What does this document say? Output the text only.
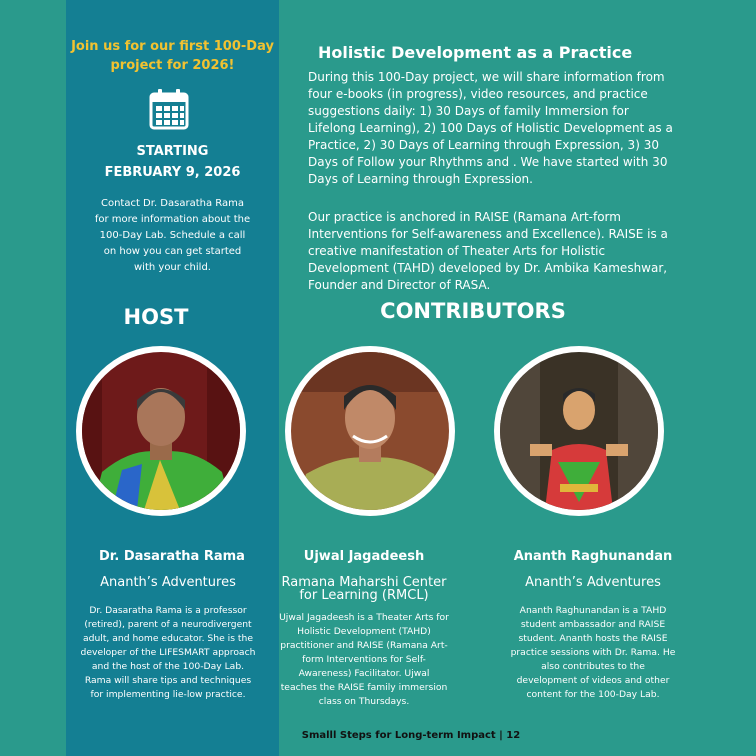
Join us for our first 100-Day
project for 2026!
STARTING
FEBRUARY 9, 2026
Contact Dr. Dasaratha Rama
for more information about the
100-Day Lab. Schedule a call
on how you can get started
with your child.
Holistic Development as a Practice
During this 100-Day project, we will share information from
four e-books (in progress), video resources, and practice
suggestions daily: 1) 30 Days of family Immersion for
Lifelong Learning), 2) 100 Days of Holistic Development as a
Practice, 2) 30 Days of Learning through Expression, 3) 30
Days of Follow your Rhythms and . We have started with 30
Days of Learning through Expression.
Our practice is anchored in RAISE (Ramana Art-form
Interventions for Self-awareness and Excellence). RAISE is a
creative manifestation of Theater Arts for Holistic
Development (TAHD) developed by Dr. Ambika Kameshwar,
Founder and Director of RASA.
HOST	CONTRIBUTORS
Dr. Dasaratha Rama
Ananth’s Adventures
Dr. Dasaratha Rama is a professor
(retired), parent of a neurodivergent
adult, and home educator. She is the
developer of the LIFESMART approach
and the host of the 100-Day Lab.
Rama will share tips and techniques
for implementing lie-low practice.
Ujwal Jagadeesh
Ramana Maharshi Center
for Learning (RMCL)
Ujwal Jagadeesh is a Theater Arts for
Holistic Development (TAHD)
practitioner and RAISE (Ramana Art-
form Interventions for Self-
Awareness) Facilitator. Ujwal
teaches the RAISE family immersion
class on Thursdays.
Ananth Raghunandan
Ananth’s Adventures
Ananth Raghunandan is a TAHD
student ambassador and RAISE
student. Ananth hosts the RAISE
practice sessions with Dr. Rama. He
also contributes to the
development of videos and other
content for the 100-Day Lab.
Smalll Steps for Long-term Impact | 12
